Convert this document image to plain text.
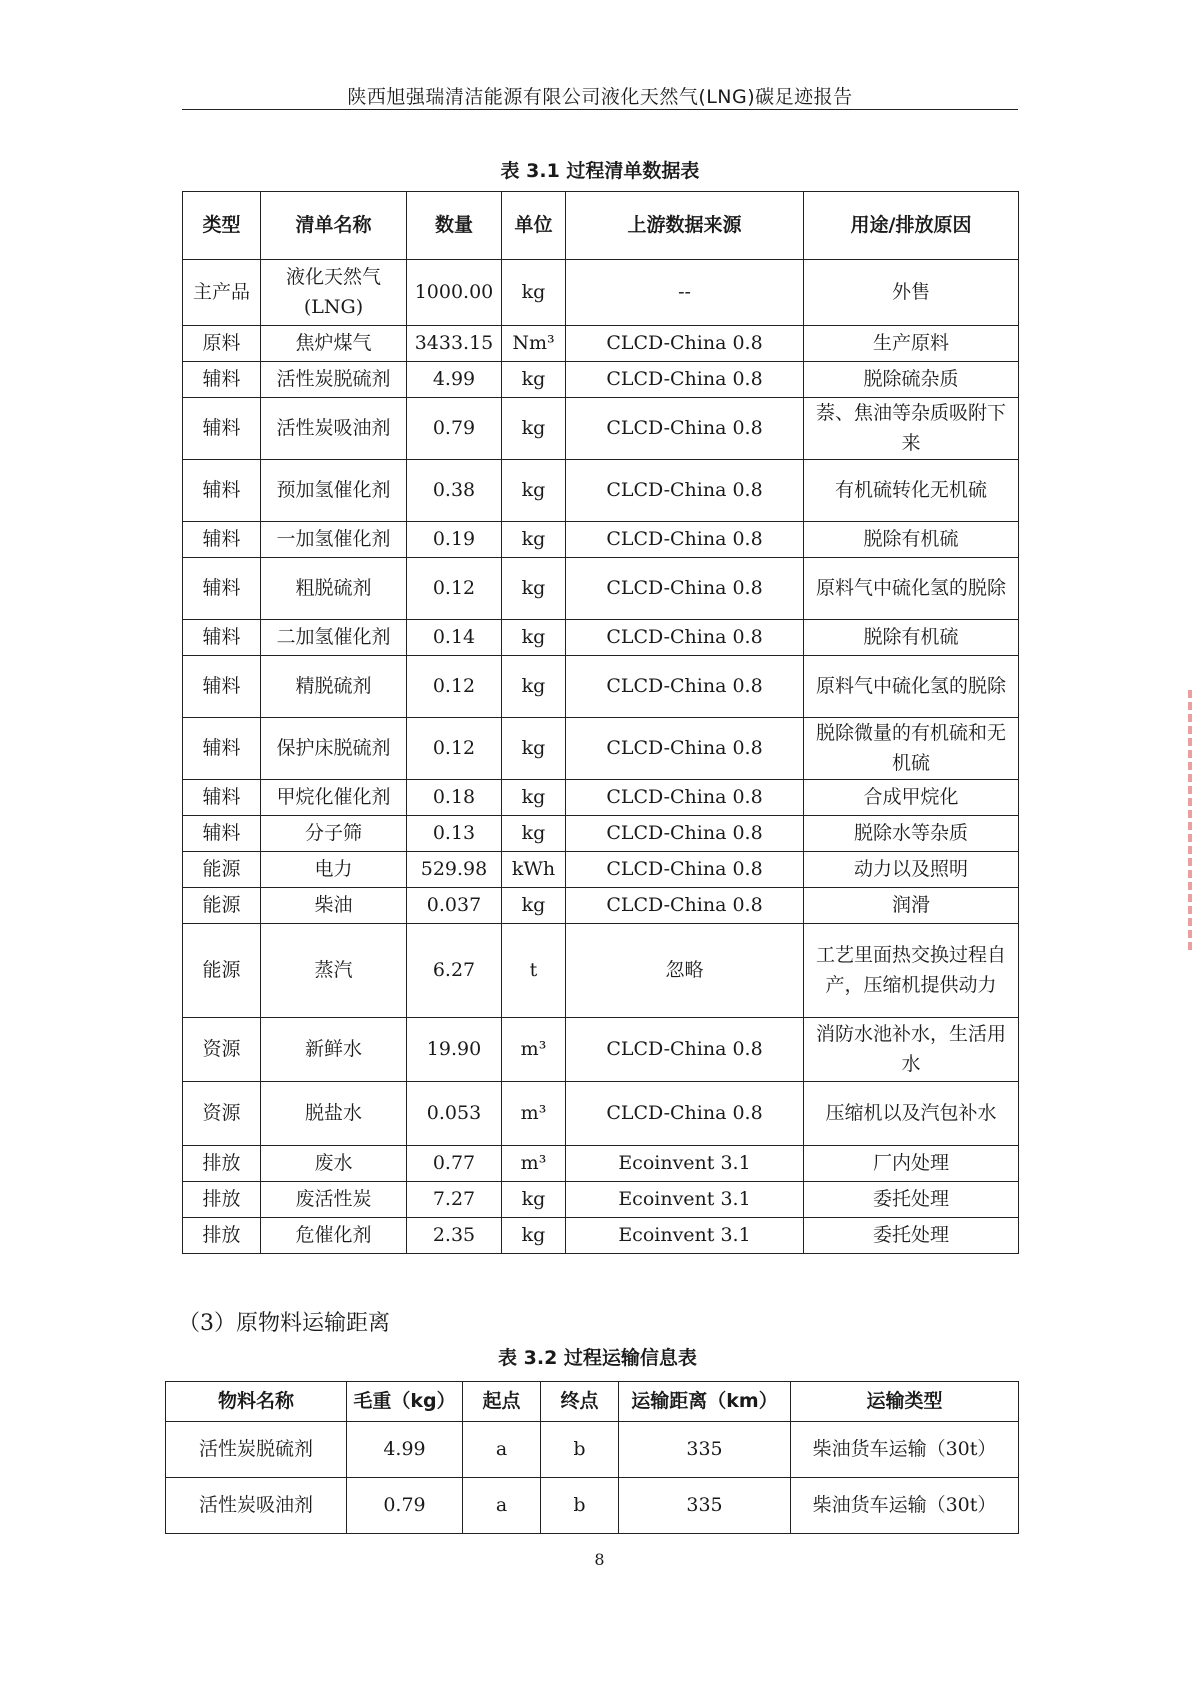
陕西旭强瑞清洁能源有限公司液化天然气(LNG)碳足迹报告
表 3.1 过程清单数据表
类型	清单名称	数量	单位	上游数据来源	用途/排放原因
主产品	液化天然气(LNG)	1000.00	kg	--	外售
原料	焦炉煤气	3433.15	Nm³	CLCD-China 0.8	生产原料
辅料	活性炭脱硫剂	4.99	kg	CLCD-China 0.8	脱除硫杂质
辅料	活性炭吸油剂	0.79	kg	CLCD-China 0.8	萘、焦油等杂质吸附下来
辅料	预加氢催化剂	0.38	kg	CLCD-China 0.8	有机硫转化无机硫
辅料	一加氢催化剂	0.19	kg	CLCD-China 0.8	脱除有机硫
辅料	粗脱硫剂	0.12	kg	CLCD-China 0.8	原料气中硫化氢的脱除
辅料	二加氢催化剂	0.14	kg	CLCD-China 0.8	脱除有机硫
辅料	精脱硫剂	0.12	kg	CLCD-China 0.8	原料气中硫化氢的脱除
辅料	保护床脱硫剂	0.12	kg	CLCD-China 0.8	脱除微量的有机硫和无机硫
辅料	甲烷化催化剂	0.18	kg	CLCD-China 0.8	合成甲烷化
辅料	分子筛	0.13	kg	CLCD-China 0.8	脱除水等杂质
能源	电力	529.98	kWh	CLCD-China 0.8	动力以及照明
能源	柴油	0.037	kg	CLCD-China 0.8	润滑
能源	蒸汽	6.27	t	忽略	工艺里面热交换过程自产，压缩机提供动力
资源	新鲜水	19.90	m³	CLCD-China 0.8	消防水池补水，生活用水
资源	脱盐水	0.053	m³	CLCD-China 0.8	压缩机以及汽包补水
排放	废水	0.77	m³	Ecoinvent 3.1	厂内处理
排放	废活性炭	7.27	kg	Ecoinvent 3.1	委托处理
排放	危催化剂	2.35	kg	Ecoinvent 3.1	委托处理
（3）原物料运输距离
表 3.2 过程运输信息表
物料名称	毛重（kg）	起点	终点	运输距离（km）	运输类型
活性炭脱硫剂	4.99	a	b	335	柴油货车运输（30t）
活性炭吸油剂	0.79	a	b	335	柴油货车运输（30t）
8
